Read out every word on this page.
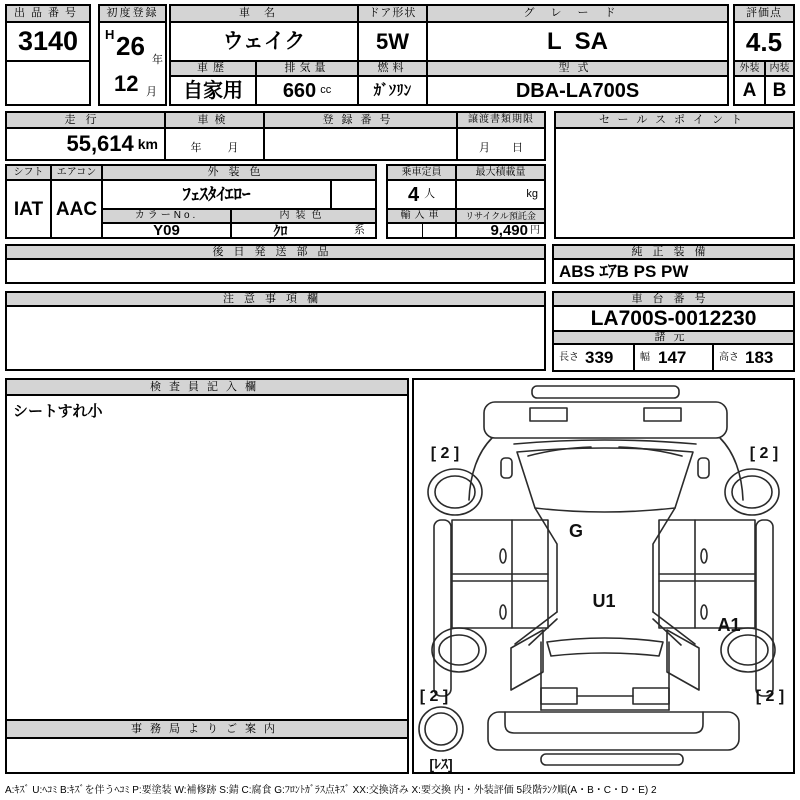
出品番号
3140
初度登録
H 26 年
12 月
車名
ウェイク
車歴
自家用
排気量
660 cc
ドア形状
5W
燃料
ｶﾞｿﾘﾝ
グレード
L  SA
型式
DBA-LA700S
評価点
4.5
外装	内装
A B
走行
55,614 km
車検
年 月
登録番号	譲渡書類期限
月 日
セールスポイント
シフト
IAT
エアコン
AAC
外装色
ﾌｪｽﾀｲｴﾛｰ
カラーNo.
Y09
内装色
ｸﾛ	系
乗車定員
4 人
最大積載量
kg
輸入車	リサイクル預託金
9,490 円
後日発送部品	純正装備
ABS ｴｱB PS PW
注意事項欄	車台番号
LA700S-0012230
諸元
長さ 339	幅 147	高さ 183
検査員記入欄
シートすれ小
事務局よりご案内
[ 2 ]	[ 2 ]
[ 2 ]	[ 2 ]
G
U1
A1
[ﾚｽ]
A:ｷｽﾞ U:ﾍｺﾐ B:ｷｽﾞを伴うﾍｺﾐ P:要塗装 W:補修跡 S:錆 C:腐食 G:ﾌﾛﾝﾄｶﾞﾗｽ点ｷｽﾞ XX:交換済み X:要交換 内・外装評価 5段階ﾗﾝｸ順(A・B・C・D・E) 2
